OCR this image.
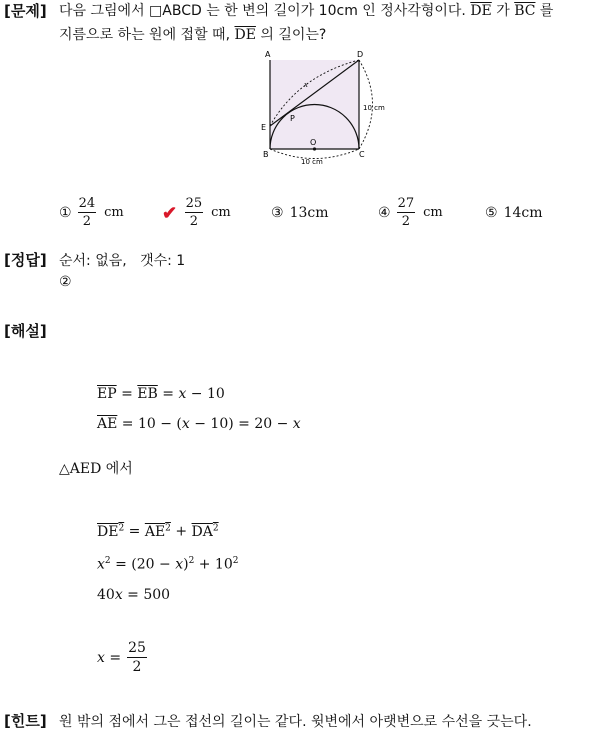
[문제] 다음 그림에서 □ABCD 는 한 변의 길이가 10cm 인 정사각형이다. $\overline{DE}$ 가 $\overline{BC}$ 를
지름으로 하는 원에 접할 때, $\overline{DE}$ 의 길이는?
A	D
E
P
O
B	C
x
10 cm
10 cm
① $\frac{24}{2}$ cm	$\frac{25}{2}$ cm
✔	③ 13cm	④ $\frac{27}{2}$ cm	⑤ 14cm
[정답] 순서: 없음,   갯수: 1
②
[해설]
$\overline{EP} = \overline{EB} = x - 10$
$\overline{AE} = 10 - (x - 10) = 20 - x$
△AED 에서
$DE^2 = AE^2 + DA^2$
$x^2 = (20 - x)^2 + 10^2$
40x = 500
$x = \frac{25}{2}$
[힌트] 원 밖의 점에서 그은 접선의 길이는 같다. 윗변에서 아랫변으로 수선을 긋는다.
